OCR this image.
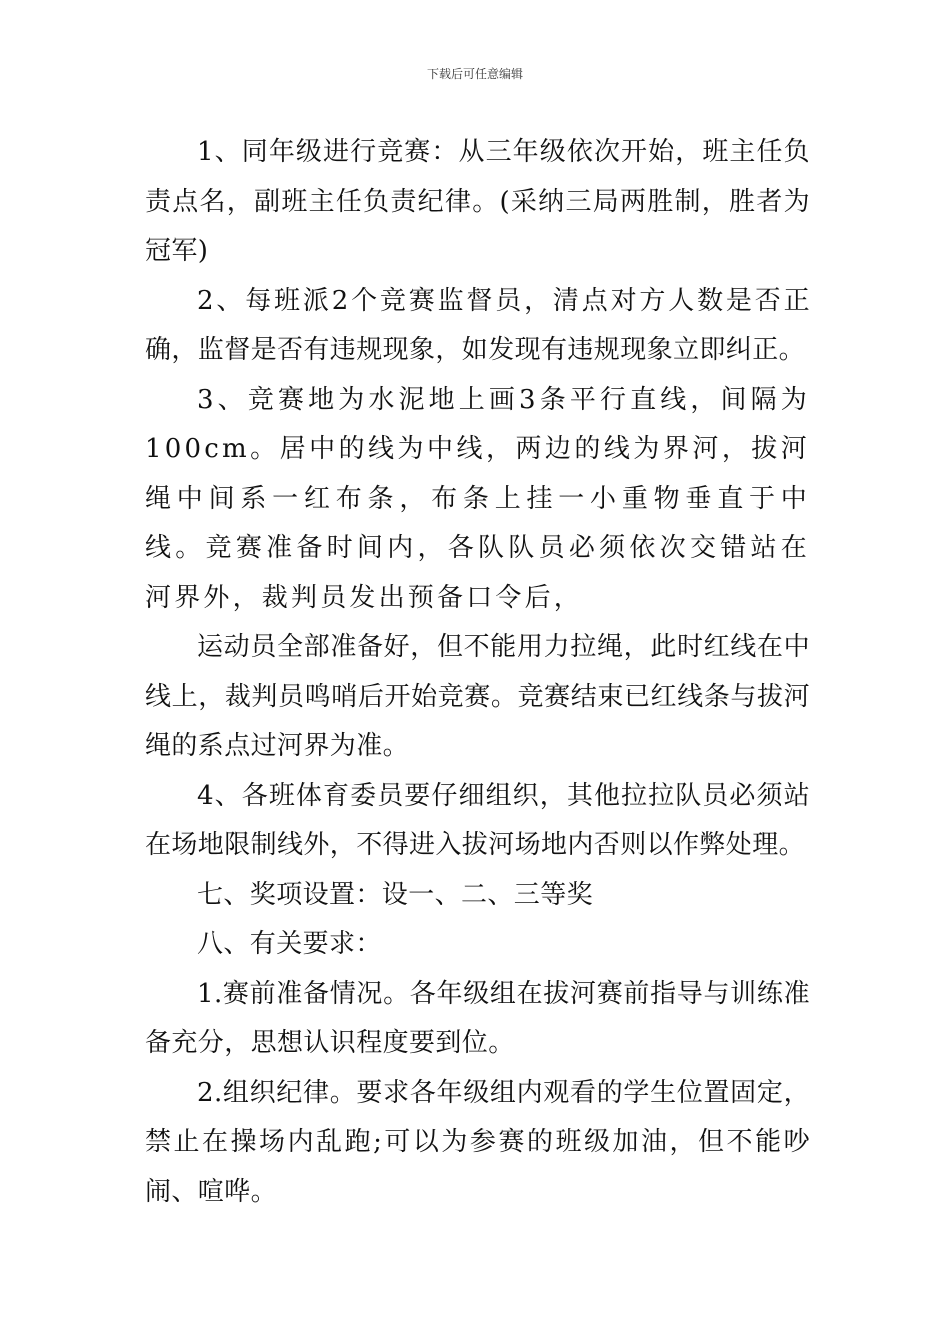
下载后可任意编辑

1、同年级进行竞赛：从三年级依次开始，班主任负责点名，副班主任负责纪律。(采纳三局两胜制，胜者为冠军)

2、每班派2个竞赛监督员，清点对方人数是否正确，监督是否有违规现象，如发现有违规现象立即纠正。

3、竞赛地为水泥地上画3条平行直线，间隔为100cm。居中的线为中线，两边的线为界河，拔河绳中间系一红布条，布条上挂一小重物垂直于中线。竞赛准备时间内，各队队员必须依次交错站在河界外，裁判员发出预备口令后，

运动员全部准备好，但不能用力拉绳，此时红线在中线上，裁判员鸣哨后开始竞赛。竞赛结束已红线条与拔河绳的系点过河界为准。

4、各班体育委员要仔细组织，其他拉拉队员必须站在场地限制线外，不得进入拔河场地内否则以作弊处理。

七、奖项设置：设一、二、三等奖

八、有关要求：

1.赛前准备情况。各年级组在拔河赛前指导与训练准备充分，思想认识程度要到位。

2.组织纪律。要求各年级组内观看的学生位置固定，禁止在操场内乱跑;可以为参赛的班级加油，但不能吵闹、喧哗。
